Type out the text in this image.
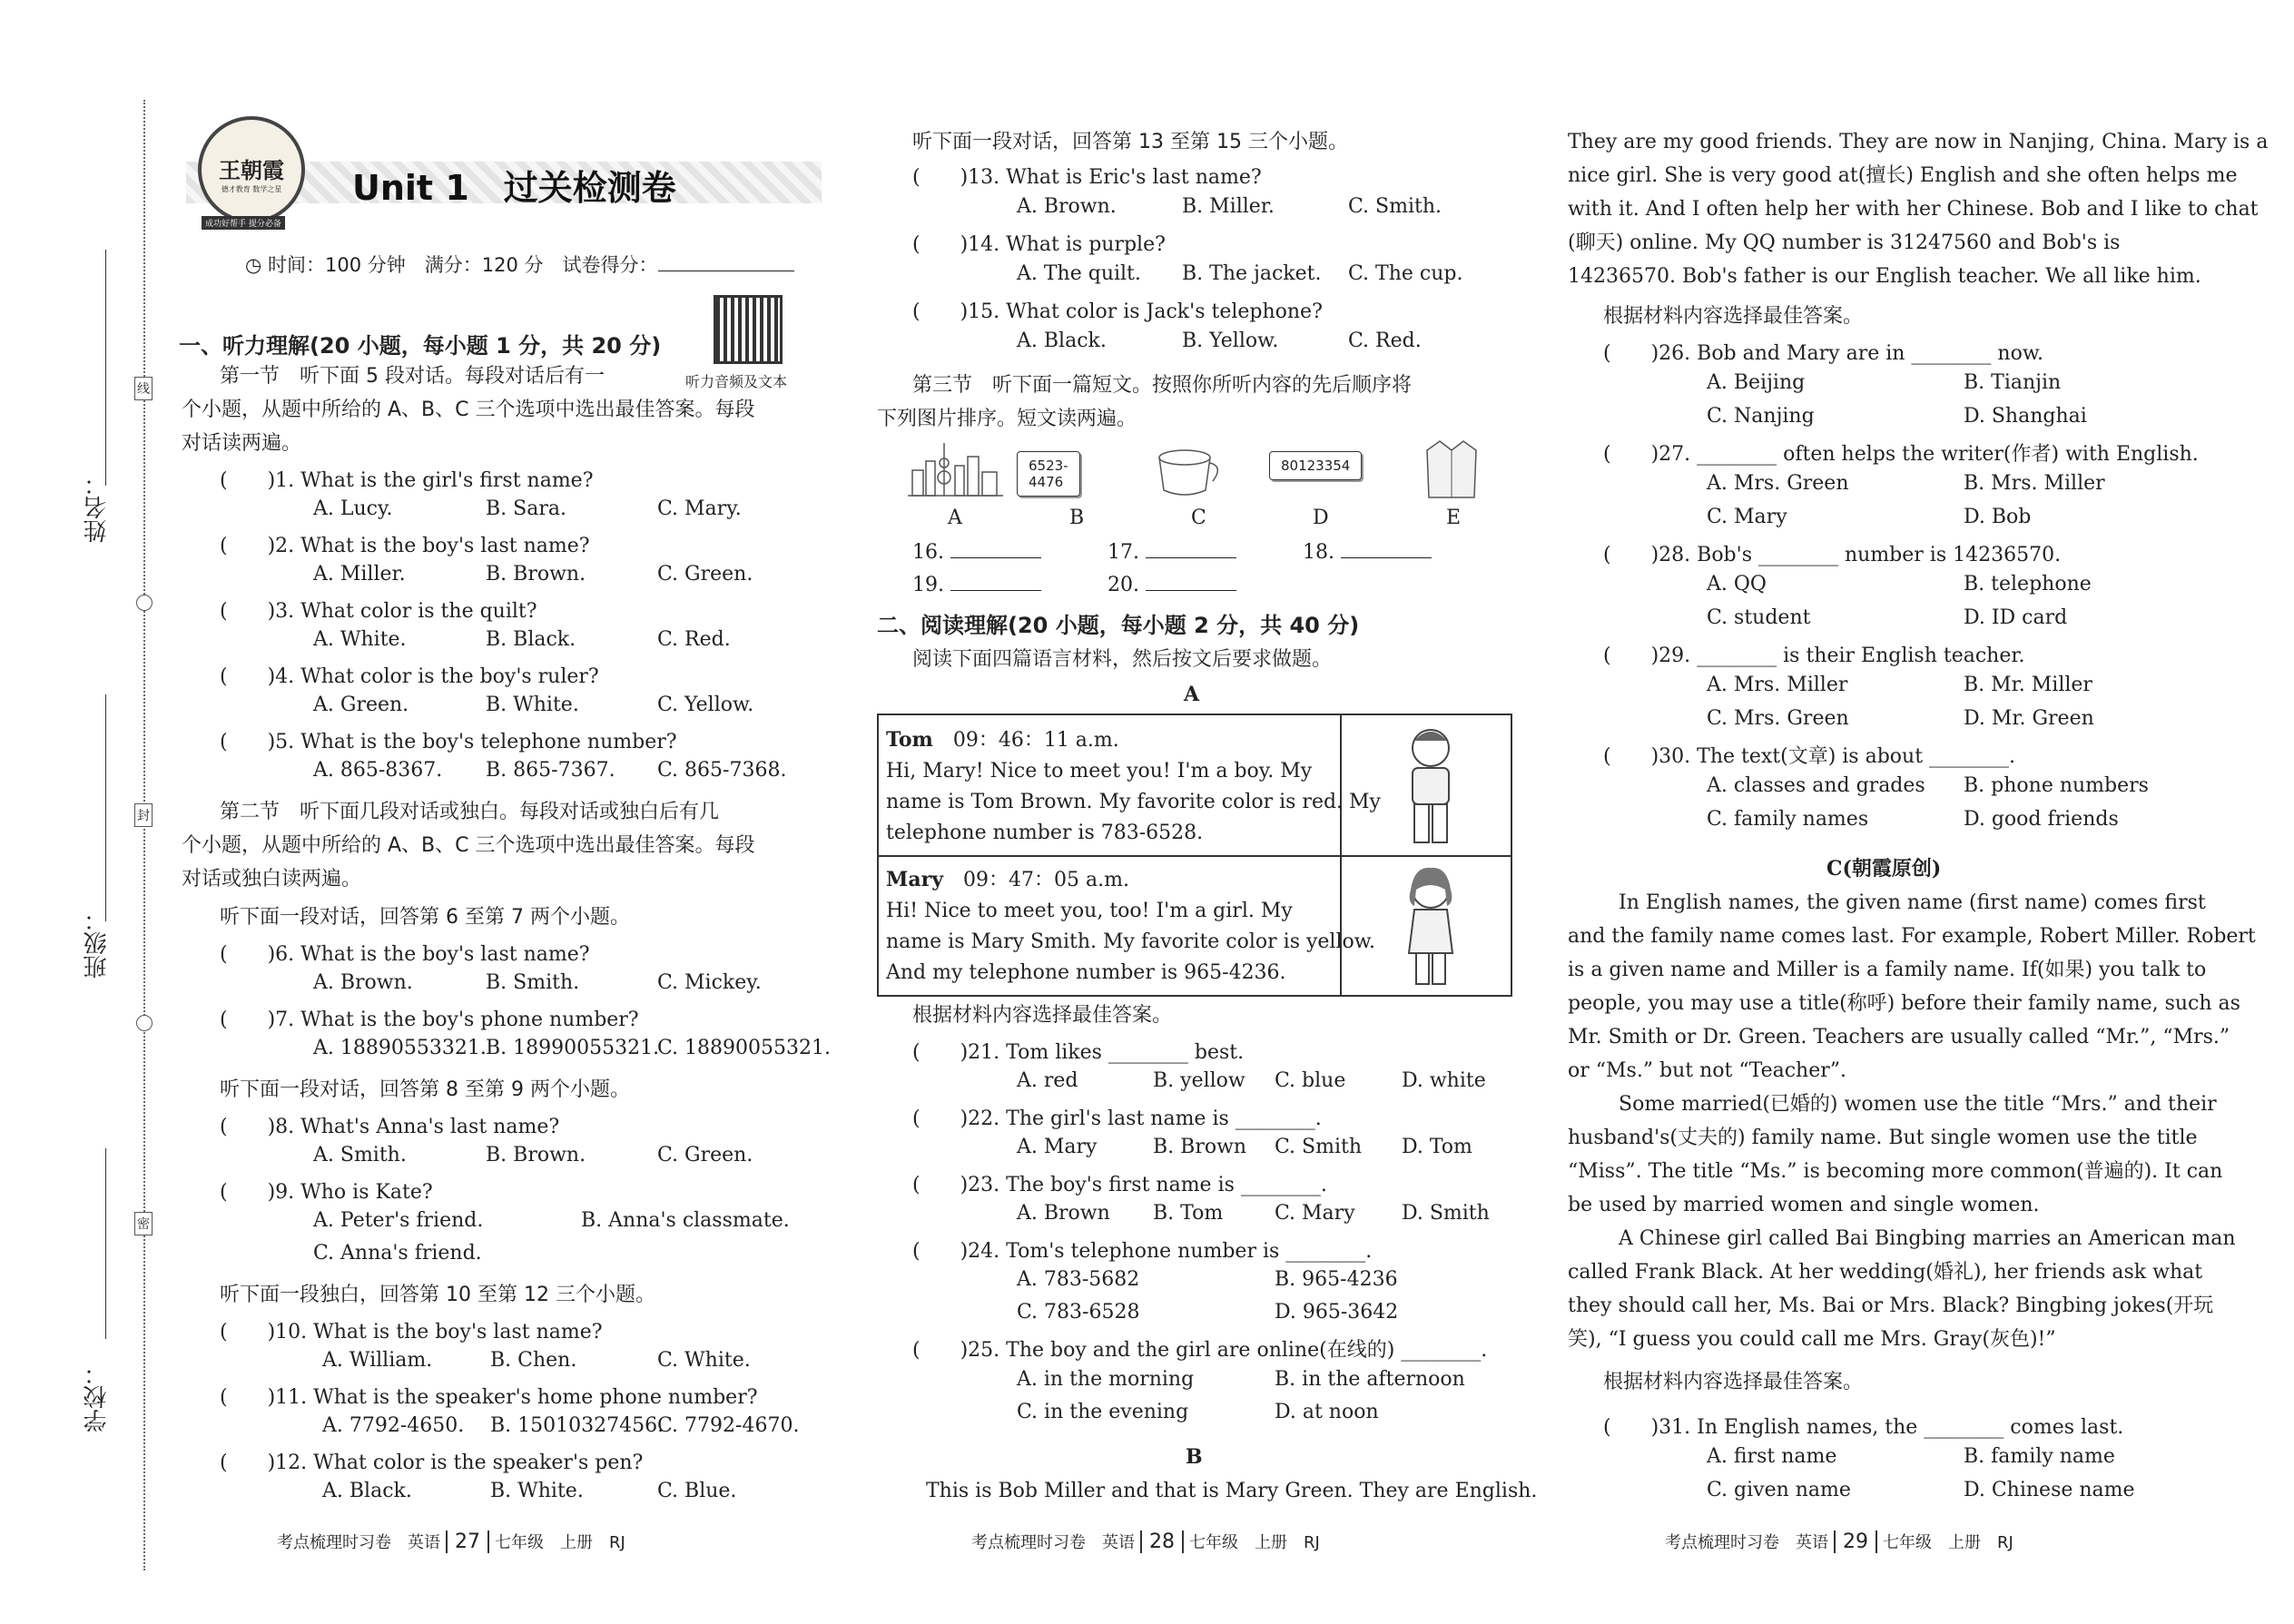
姓名：
线
班级：
封
学校：
密
王朝霞
德才教育 数学之星
成功好帮手 提分必备
Unit 1　过关检测卷
◷ 时间：100 分钟　满分：120 分　试卷得分：
听力音频及文本
一、听力理解(20 小题，每小题 1 分，共 20 分)
第一节　听下面 5 段对话。每段对话后有一
个小题，从题中所给的 A、B、C 三个选项中选出最佳答案。每段
对话读两遍。
(　　)1. What is the girl's first name?
A. Lucy.	B. Sara.	C. Mary.
(　　)2. What is the boy's last name?
A. Miller.	B. Brown.	C. Green.
(　　)3. What color is the quilt?
A. White.	B. Black.	C. Red.
(　　)4. What color is the boy's ruler?
A. Green.	B. White.	C. Yellow.
(　　)5. What is the boy's telephone number?
A. 865-8367. B. 865-7367. C. 865-7368.
第二节　听下面几段对话或独白。每段对话或独白后有几
个小题，从题中所给的 A、B、C 三个选项中选出最佳答案。每段
对话或独白读两遍。
听下面一段对话，回答第 6 至第 7 两个小题。
(　　)6. What is the boy's last name?
A. Brown.	B. Smith.	C. Mickey.
(　　)7. What is the boy's phone number?
A. 18890553321. B. 18990055321.
C. 18890055321.
听下面一段对话，回答第 8 至第 9 两个小题。
(　　)8. What's Anna's last name?
A. Smith.	B. Brown.	C. Green.
(　　)9. Who is Kate?
A. Peter's friend.	B. Anna's classmate.
C. Anna's friend.
听下面一段独白，回答第 10 至第 12 三个小题。
(　　)10. What is the boy's last name?
A. William.	B. Chen.	C. White.
(　　)11. What is the speaker's home phone number?
A. 7792-4650. B. 15010327456.
C. 7792-4670.
(　　)12. What color is the speaker's pen?
A. Black.	B. White.	C. Blue.
听下面一段对话，回答第 13 至第 15 三个小题。
(　　)13. What is Eric's last name?
A. Brown.	B. Miller.	C. Smith.
(　　)14. What is purple?
A. The quilt. B. The jacket. C. The cup.
(　　)15. What color is Jack's telephone?
A. Black.	B. Yellow.	C. Red.
第三节　听下面一篇短文。按照你所听内容的先后顺序将
下列图片排序。短文读两遍。
6523-4476
80123354
A	B	C	D	E
16.	17.	18.
19.	20.
二、阅读理解(20 小题，每小题 2 分，共 40 分)
阅读下面四篇语言材料，然后按文后要求做题。
A
Tom　 09：46：11 a.m.
Hi, Mary! Nice to meet you! I'm a boy. My
name is Tom Brown. My favorite color is red. My
telephone number is 783-6528.
Mary　 09：47：05 a.m.
Hi! Nice to meet you, too! I'm a girl. My
name is Mary Smith. My favorite color is yellow.
And my telephone number is 965-4236.
根据材料内容选择最佳答案。
(　　)21. Tom likes ________ best.
A. red	B. yellow C. blue	D. white
(　　)22. The girl's last name is ________.
A. Mary	B. Brown C. Smith D. Tom
(　　)23. The boy's first name is ________.
A. Brown B. Tom	C. Mary D. Smith
(　　)24. Tom's telephone number is ________.
A. 783-5682	B. 965-4236
C. 783-6528	D. 965-3642
(　　)25. The boy and the girl are online(在线的) ________.
A. in the morning	B. in the afternoon
C. in the evening	D. at noon
B
This is Bob Miller and that is Mary Green. They are English.
They are my good friends. They are now in Nanjing, China. Mary is a
nice girl. She is very good at(擅长) English and she often helps me
with it. And I often help her with her Chinese. Bob and I like to chat
(聊天) online. My QQ number is 31247560 and Bob's is
14236570. Bob's father is our English teacher. We all like him.
根据材料内容选择最佳答案。
(　　)26. Bob and Mary are in ________ now.
A. Beijing	B. Tianjin
C. Nanjing	D. Shanghai
(　　)27. ________ often helps the writer(作者) with English.
A. Mrs. Green	B. Mrs. Miller
C. Mary	D. Bob
(　　)28. Bob's ________ number is 14236570.
A. QQ	B. telephone
C. student	D. ID card
(　　)29. ________ is their English teacher.
A. Mrs. Miller	B. Mr. Miller
C. Mrs. Green	D. Mr. Green
(　　)30. The text(文章) is about ________.
A. classes and grades B. phone numbers
C. family names	D. good friends
C(朝霞原创)
In English names, the given name (first name) comes first
and the family name comes last. For example, Robert Miller. Robert
is a given name and Miller is a family name. If(如果) you talk to
people, you may use a title(称呼) before their family name, such as
Mr. Smith or Dr. Green. Teachers are usually called “Mr.”, “Mrs.”
or “Ms.” but not “Teacher”.
Some married(已婚的) women use the title “Mrs.” and their
husband's(丈夫的) family name. But single women use the title
“Miss”. The title “Ms.” is becoming more common(普遍的). It can
be used by married women and single women.
A Chinese girl called Bai Bingbing marries an American man
called Frank Black. At her wedding(婚礼), her friends ask what
they should call her, Ms. Bai or Mrs. Black? Bingbing jokes(开玩
笑), “I guess you could call me Mrs. Gray(灰色)!”
根据材料内容选择最佳答案。
(　　)31. In English names, the ________ comes last.
A. first name	B. family name
C. given name	D. Chinese name
考点梳理时习卷　英语 27 七年级　上册　RJ	考点梳理时习卷　英语 28 七年级　上册　RJ	考点梳理时习卷　英语 29 七年级　上册　RJ
